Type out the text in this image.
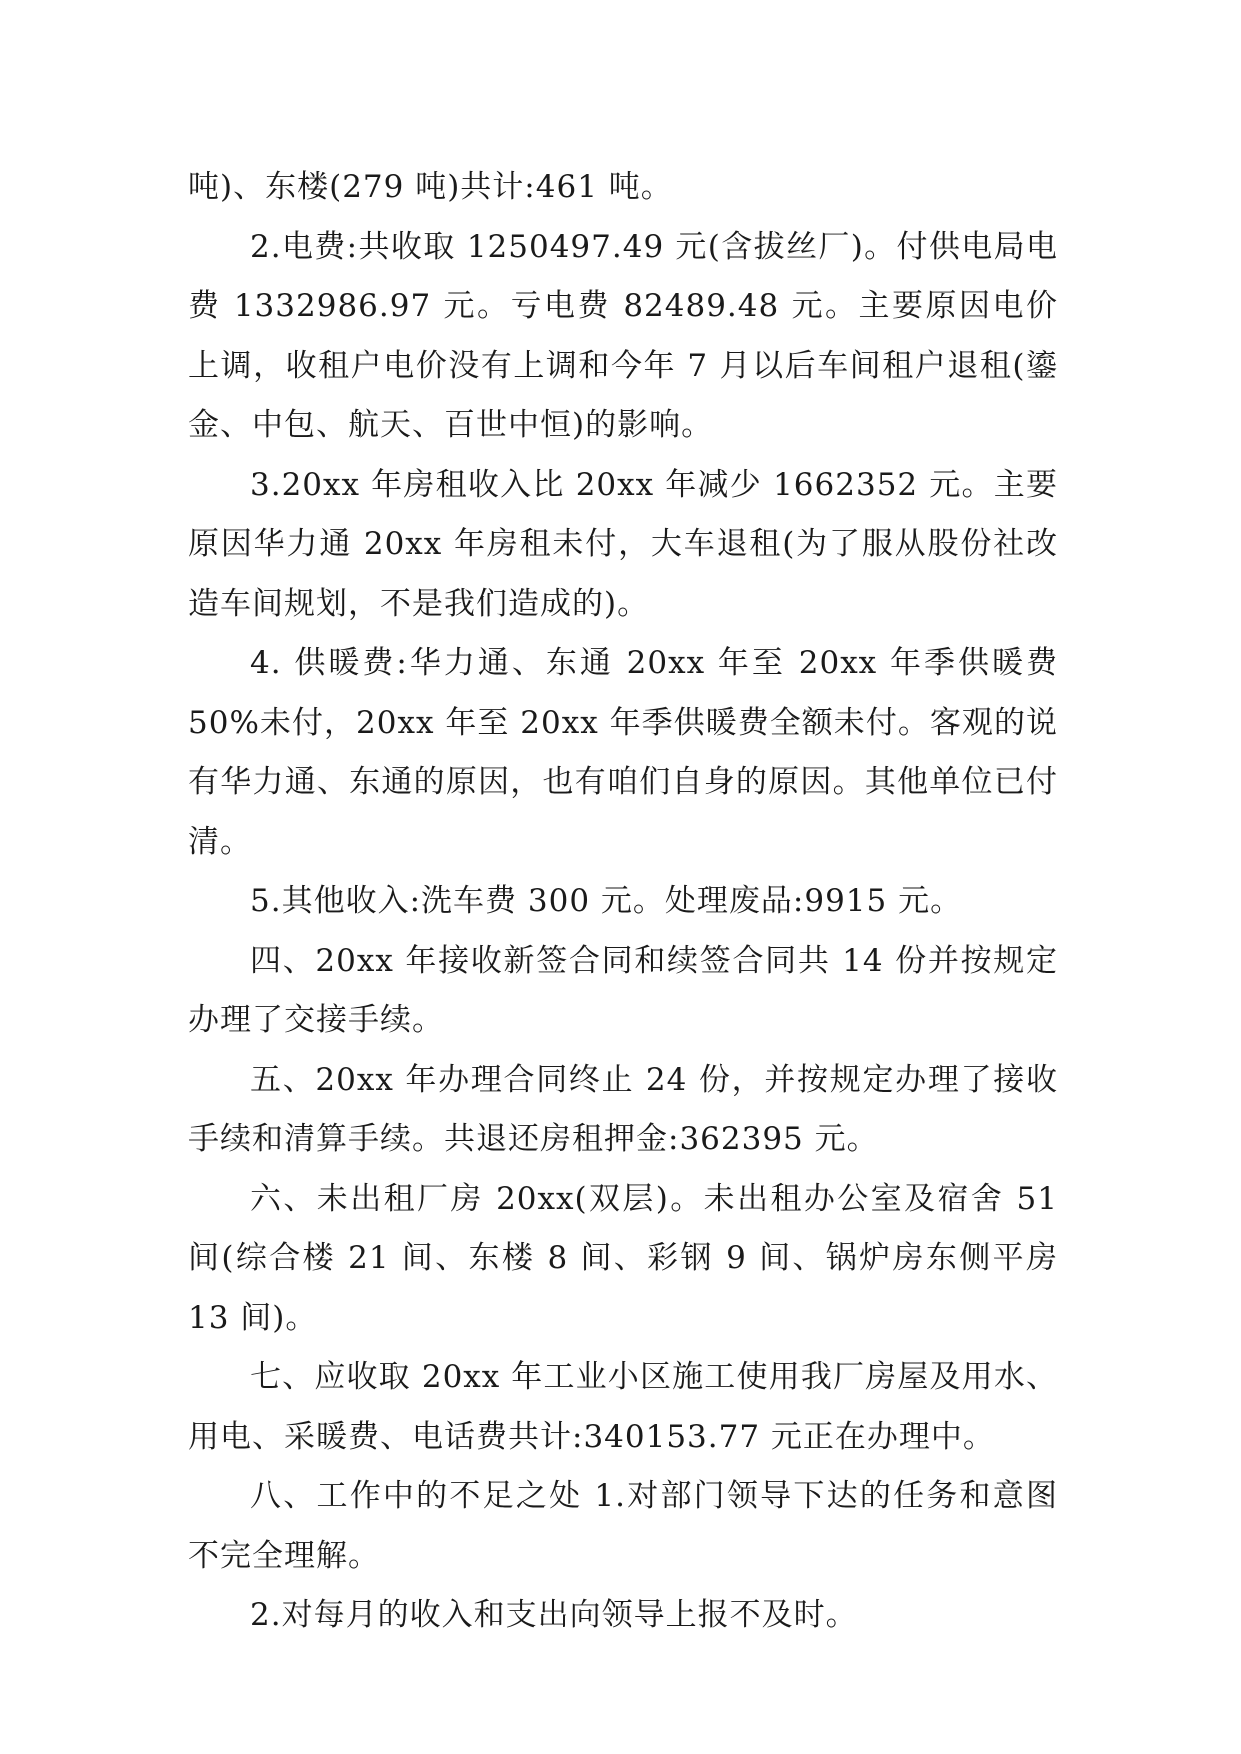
吨)、东楼(279 吨)共计:461 吨。

2.电费:共收取 1250497.49 元(含拔丝厂)。付供电局电费 1332986.97 元。亏电费 82489.48 元。主要原因电价上调，收租户电价没有上调和今年 7 月以后车间租户退租(鎏金、中包、航天、百世中恒)的影响。

3.20xx 年房租收入比 20xx 年减少 1662352 元。主要原因华力通 20xx 年房租未付，大车退租(为了服从股份社改造车间规划，不是我们造成的)。

4. 供暖费:华力通、东通 20xx 年至 20xx 年季供暖费 50%未付，20xx 年至 20xx 年季供暖费全额未付。客观的说有华力通、东通的原因，也有咱们自身的原因。其他单位已付清。

5.其他收入:洗车费 300 元。处理废品:9915 元。

四、20xx 年接收新签合同和续签合同共 14 份并按规定办理了交接手续。

五、20xx 年办理合同终止 24 份，并按规定办理了接收手续和清算手续。共退还房租押金:362395 元。

六、未出租厂房 20xx(双层)。未出租办公室及宿舍 51 间(综合楼 21 间、东楼 8 间、彩钢 9 间、锅炉房东侧平房 13 间)。

七、应收取 20xx 年工业小区施工使用我厂房屋及用水、用电、采暖费、电话费共计:340153.77 元正在办理中。

八、工作中的不足之处 1.对部门领导下达的任务和意图不完全理解。

2.对每月的收入和支出向领导上报不及时。
